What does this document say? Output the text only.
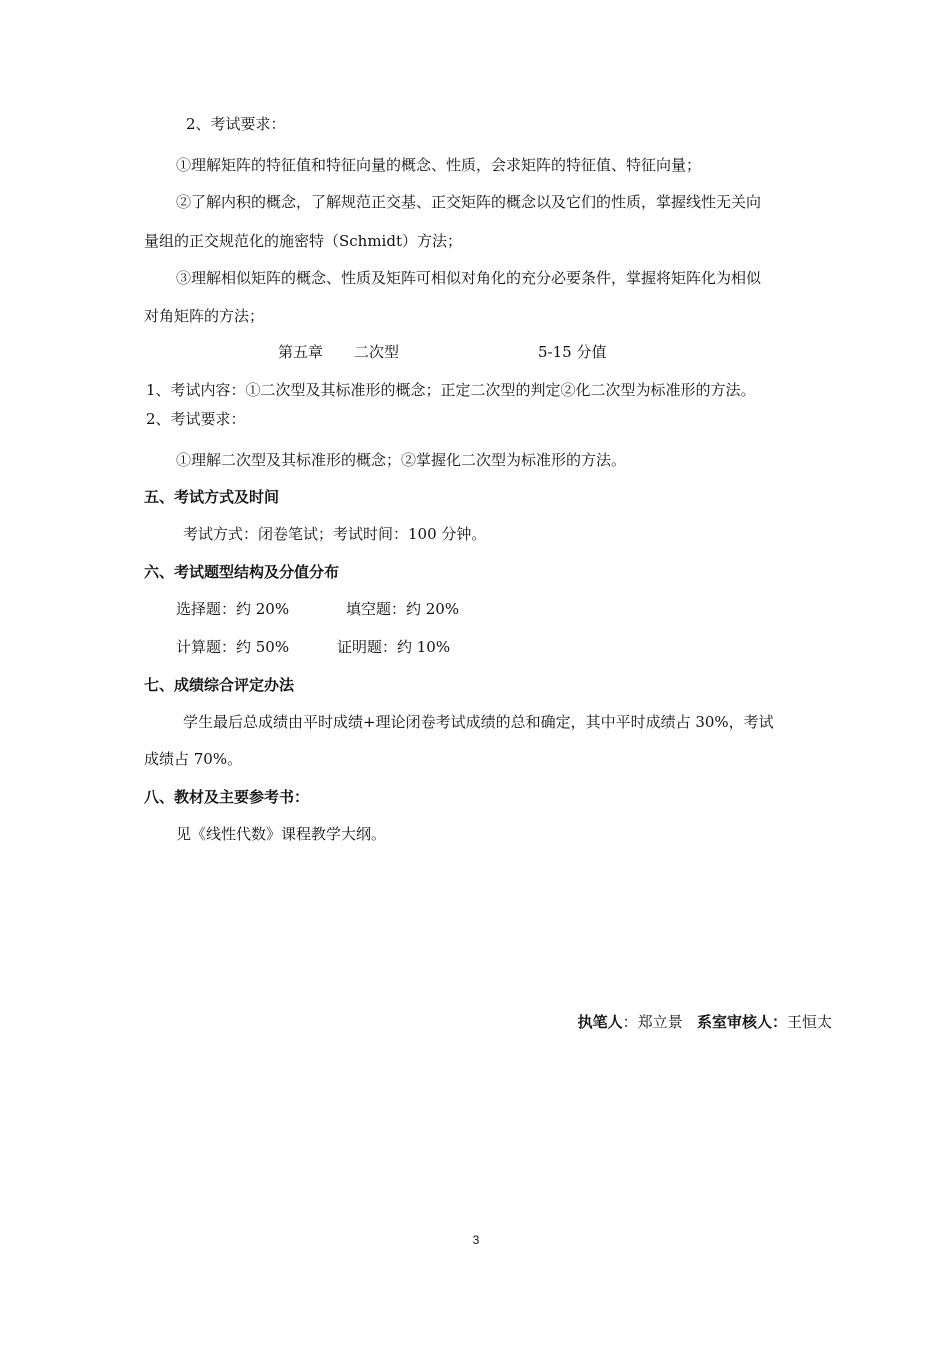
2、考试要求：
①理解矩阵的特征值和特征向量的概念、性质，会求矩阵的特征值、特征向量；
②了解内积的概念，了解规范正交基、正交矩阵的概念以及它们的性质，掌握线性无关向
量组的正交规范化的施密特（Schmidt）方法；
③理解相似矩阵的概念、性质及矩阵可相似对角化的充分必要条件，掌握将矩阵化为相似
对角矩阵的方法；
第五章 二次型	5-15 分值
1、考试内容：①二次型及其标准形的概念；正定二次型的判定②化二次型为标准形的方法。
2、考试要求：
①理解二次型及其标准形的概念；②掌握化二次型为标准形的方法。
五、考试方式及时间
考试方式：闭卷笔试；考试时间：100 分钟。
六、考试题型结构及分值分布
选择题：约 20%	填空题：约 20%
计算题：约 50%	证明题：约 10%
七、成绩综合评定办法
学生最后总成绩由平时成绩+理论闭卷考试成绩的总和确定，其中平时成绩占 30%，考试
成绩占 70%。
八、教材及主要参考书：
见《线性代数》课程教学大纲。
执笔人：郑立景 系室审核人：王恒太
3
